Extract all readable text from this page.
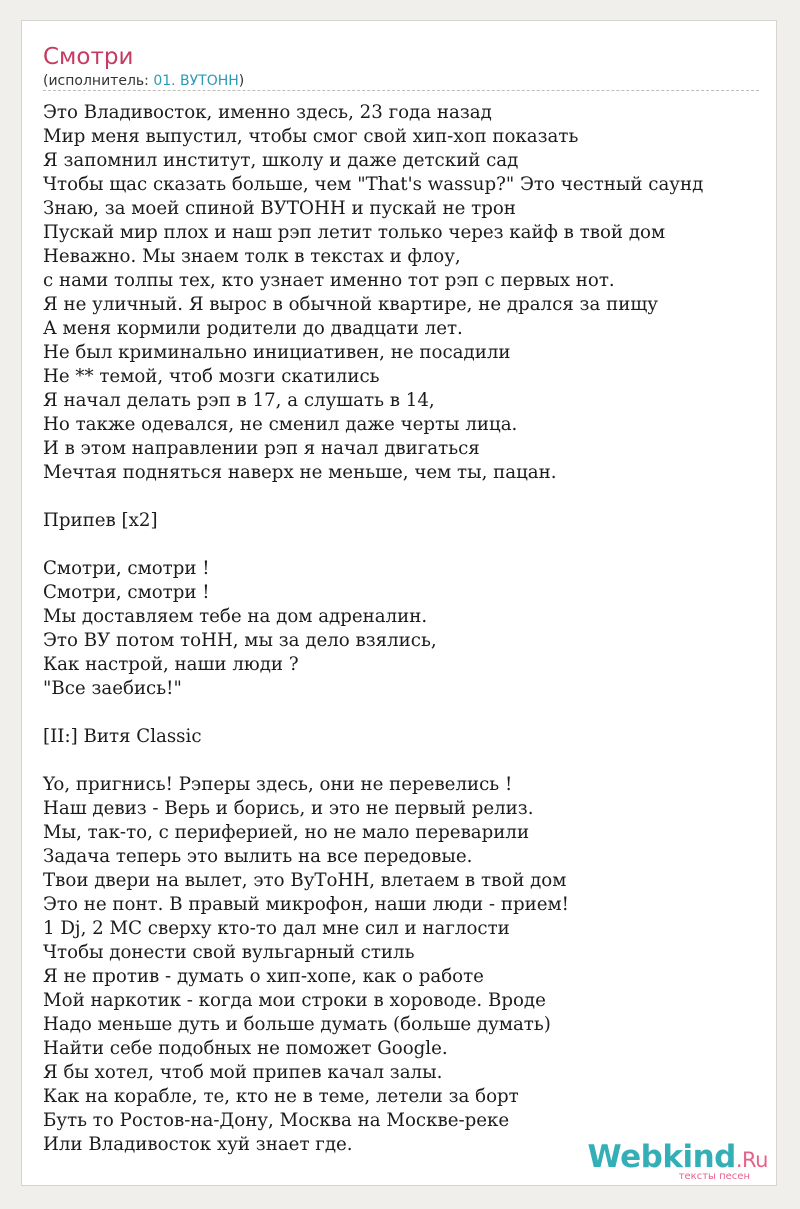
Смотри
(исполнитель: 01. ВУТОНН)
Это Владивосток, именно здесь, 23 года назад
Мир меня выпустил, чтобы смог свой хип-хоп показать
Я запомнил институт, школу и даже детский сад
Чтобы щас сказать больше, чем "That's wassup?" Это честный саунд
Знаю, за моей спиной ВУТОНН и пускай не трон
Пускай мир плох и наш рэп летит только через кайф в твой дом
Неважно. Мы знаем толк в текстах и флоу,
с нами толпы тех, кто узнает именно тот рэп с первых нот.
Я не уличный. Я вырос в обычной квартире, не дрался за пищу
А меня кормили родители до двадцати лет.
Не был криминально инициативен, не посадили
Не ** темой, чтоб мозги скатились
Я начал делать рэп в 17, а слушать в 14,
Но также одевался, не сменил даже черты лица.
И в этом направлении рэп я начал двигаться
Мечтая подняться наверх не меньше, чем ты, пацан.
Припев [x2]
Смотри, смотри !
Смотри, смотри !
Мы доставляем тебе на дом адреналин.
Это ВУ потом тоНН, мы за дело взялись,
Как настрой, наши люди ?
"Все заебись!"
[II:] Витя Classic
Yo, пригнись! Рэперы здесь, они не перевелись !
Наш девиз - Верь и борись, и это не первый релиз.
Мы, так-то, с периферией, но не мало переварили
Задача теперь это вылить на все передовые.
Твои двери на вылет, это ВуТоНН, влетаем в твой дом
Это не понт. В правый микрофон, наши люди - прием!
1 Dj, 2 MC сверху кто-то дал мне сил и наглости
Чтобы донести свой вульгарный стиль
Я не против - думать о хип-хопе, как о работе
Мой наркотик - когда мои строки в хороводе. Вроде
Надо меньше дуть и больше думать (больше думать)
Найти себе подобных не поможет Google.
Я бы хотел, чтоб мой припев качал залы.
Как на корабле, те, кто не в теме, летели за борт
Буть то Ростов-на-Дону, Москва на Москве-реке
Или Владивосток хуй знает где.	Webkind.Ru
тексты песен
